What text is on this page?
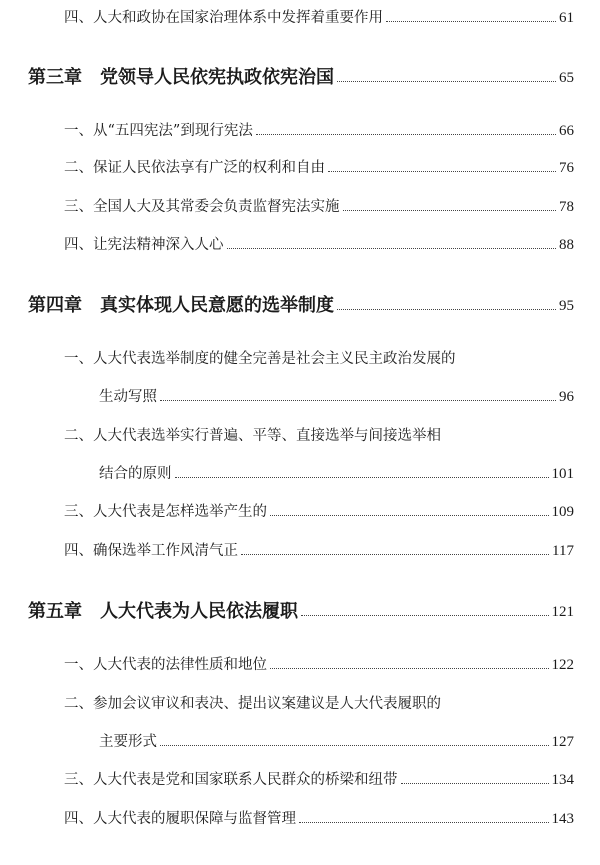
四、人大和政协在国家治理体系中发挥着重要作用	61
第三章　党领导人民依宪执政依宪治国	65
一、从“五四宪法”到现行宪法	66
二、保证人民依法享有广泛的权利和自由	76
三、全国人大及其常委会负责监督宪法实施	78
四、让宪法精神深入人心	88
第四章　真实体现人民意愿的选举制度	95
一、人大代表选举制度的健全完善是社会主义民主政治发展的
生动写照	96
二、人大代表选举实行普遍、平等、直接选举与间接选举相
结合的原则	101
三、人大代表是怎样选举产生的	109
四、确保选举工作风清气正	117
第五章　人大代表为人民依法履职	121
一、人大代表的法律性质和地位	122
二、参加会议审议和表决、提出议案建议是人大代表履职的
主要形式	127
三、人大代表是党和国家联系人民群众的桥梁和纽带	134
四、人大代表的履职保障与监督管理	143
